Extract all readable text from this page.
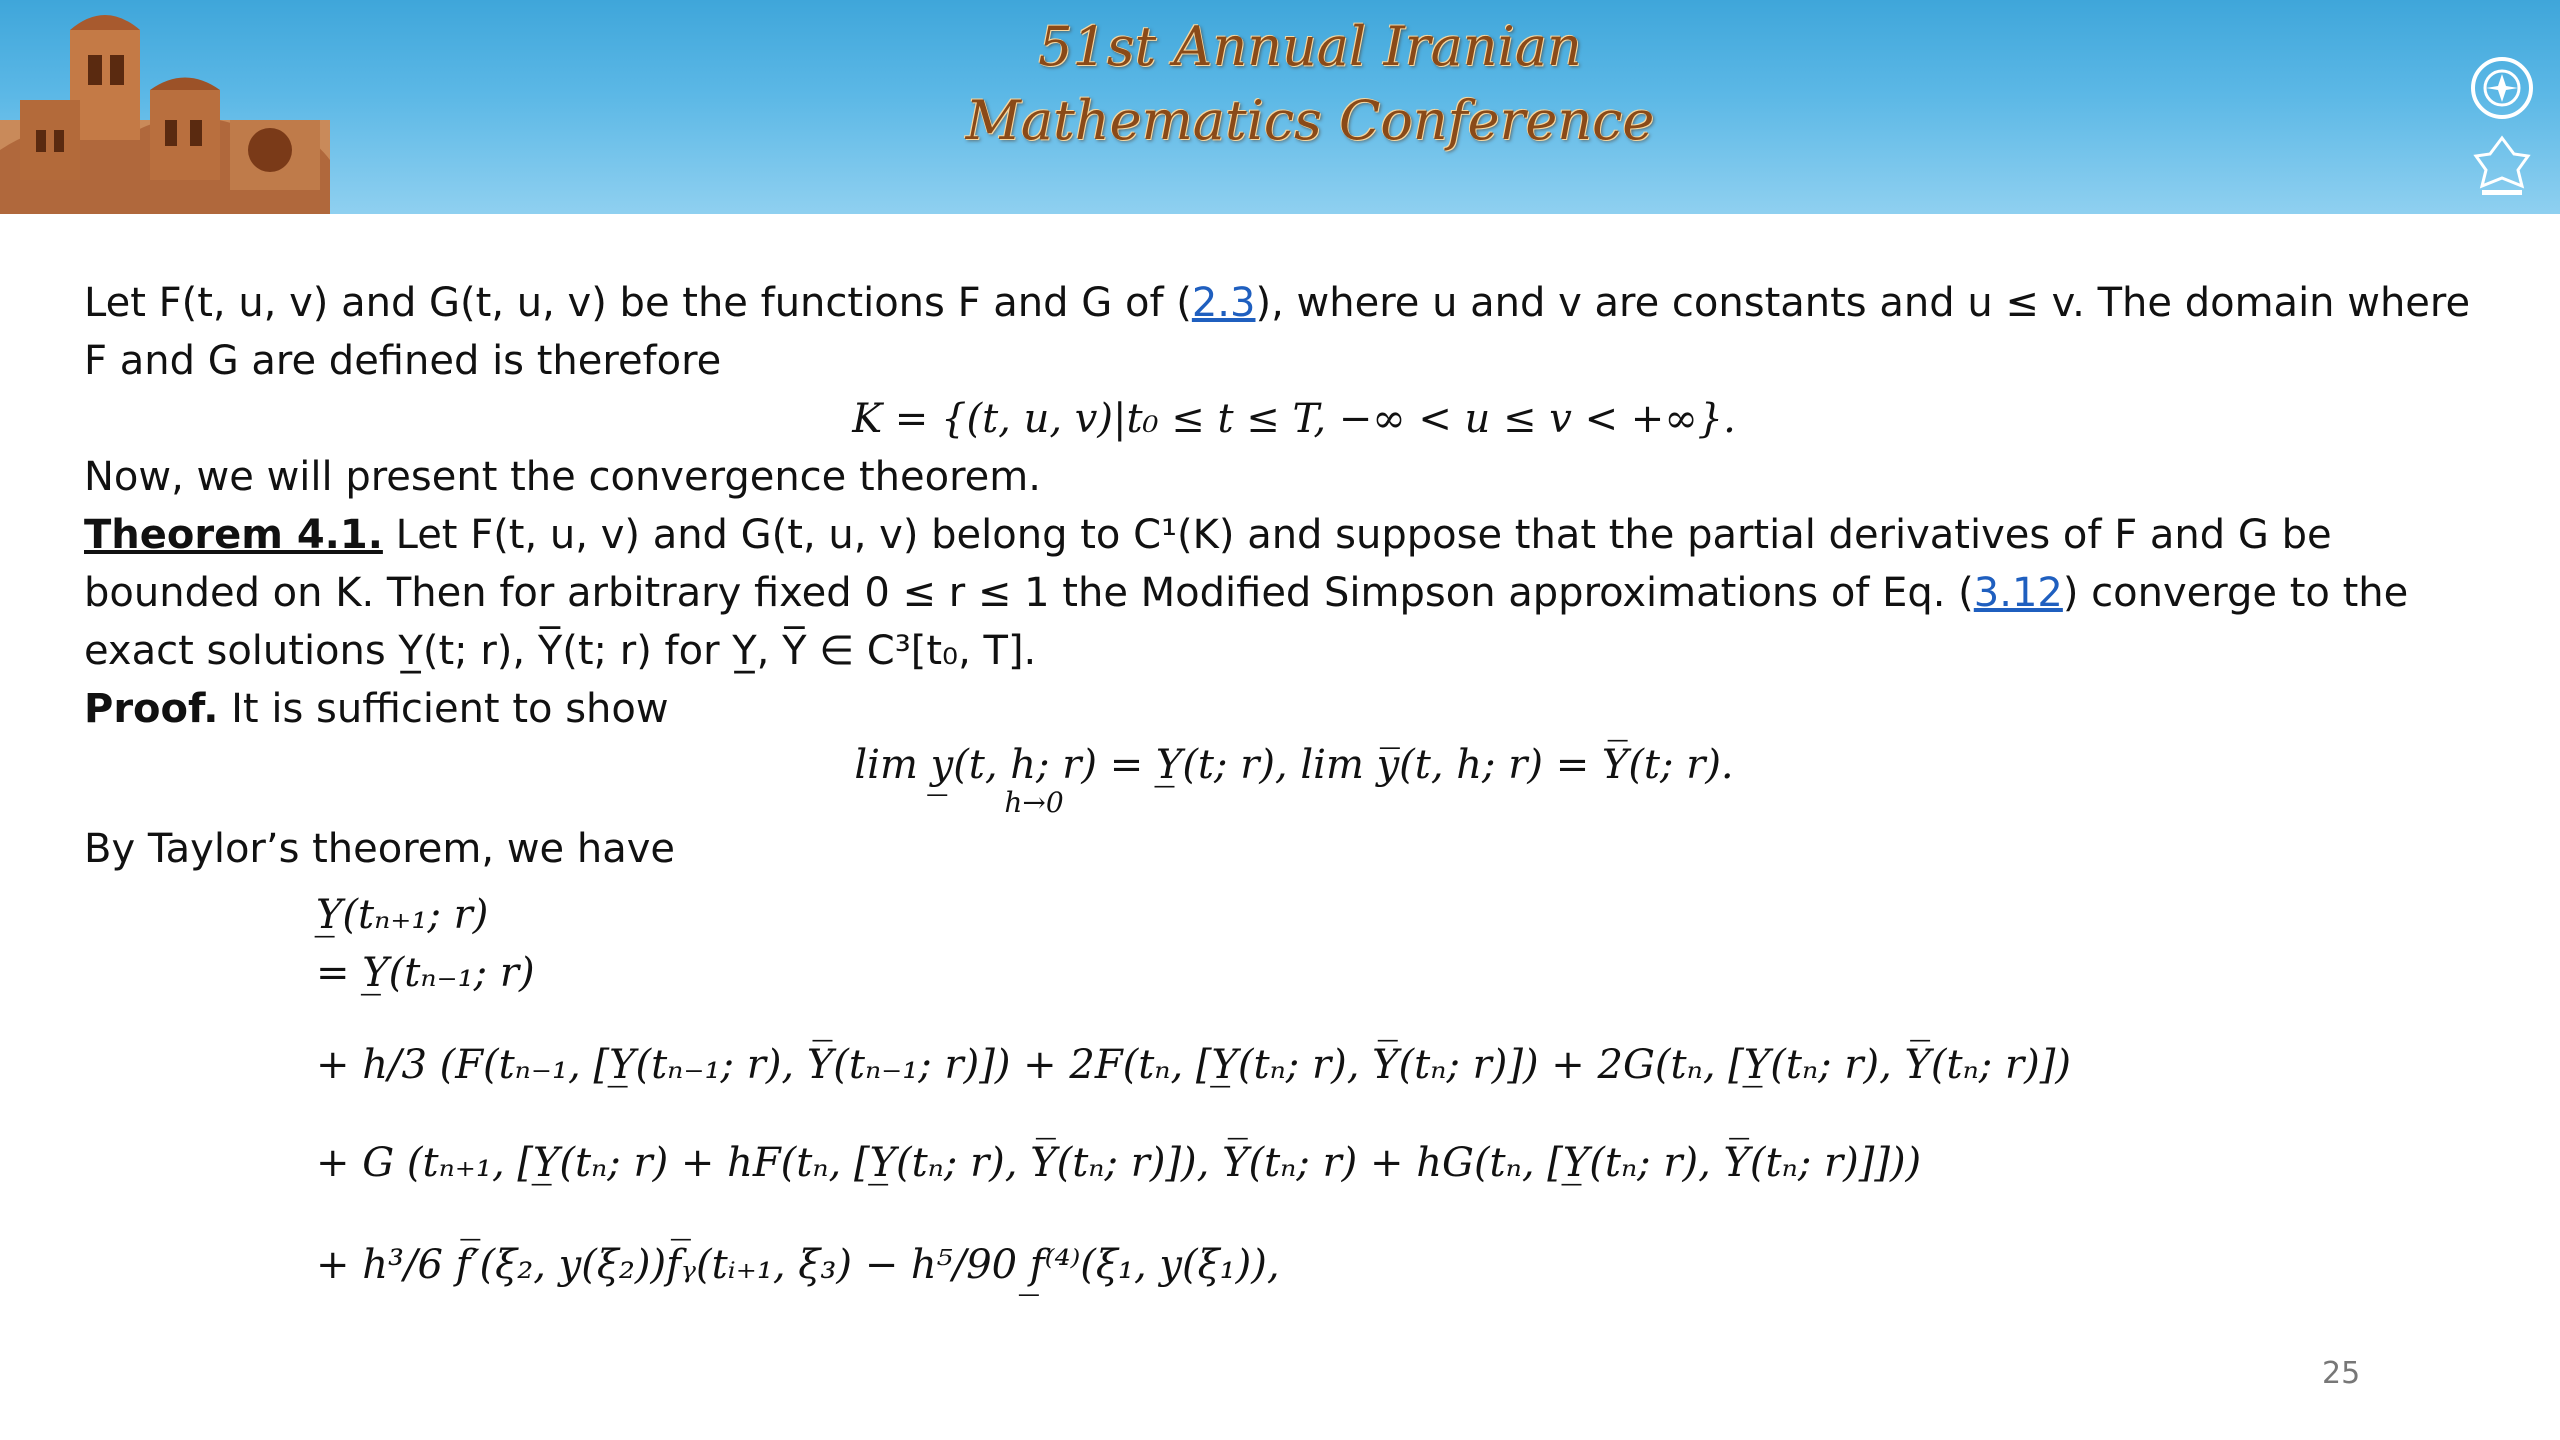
51st Annual Iranian
Mathematics Conference

Let F(t, u, v) and G(t, u, v) be the functions F and G of (2.3), where u and v are constants and u ≤ v. The domain where

F and G are defined is therefore

K = {(t, u, v)|t₀ ≤ t ≤ T, −∞ < u ≤ v < +∞}.

Now, we will present the convergence theorem.

Theorem 4.1. Let F(t, u, v) and G(t, u, v) belong to C¹(K) and suppose that the partial derivatives of F and G be

bounded on K. Then for arbitrary fixed 0 ≤ r ≤ 1 the Modified Simpson approximations of Eq. (3.12) converge to the

exact solutions Y̲(t; r), Y̅(t; r) for Y̲, Y̅ ∈ C³[t₀, T].

Proof. It is sufficient to show

lim y̲(t, h; r) = Y̲(t; r), lim y̅(t, h; r) = Y̅(t; r).

h→0

By Taylor’s theorem, we have

Y̲(tₙ₊₁; r)

= Y̲(tₙ₋₁; r)

+ h/3 (F(tₙ₋₁, [Y̲(tₙ₋₁; r), Y̅(tₙ₋₁; r)]) + 2F(tₙ, [Y̲(tₙ; r), Y̅(tₙ; r)]) + 2G(tₙ, [Y̲(tₙ; r), Y̅(tₙ; r)])

+ G (tₙ₊₁, [Y̲(tₙ; r) + hF(tₙ, [Y̲(tₙ; r), Y̅(tₙ; r)]), Y̅(tₙ; r) + hG(tₙ, [Y̲(tₙ; r), Y̅(tₙ; r)]]))

+ h³/6 f̅′(ξ₂, y(ξ₂))f̅ᵧ(tᵢ₊₁, ξ₃) − h⁵/90 f̲⁽⁴⁾(ξ₁, y(ξ₁)),

25
